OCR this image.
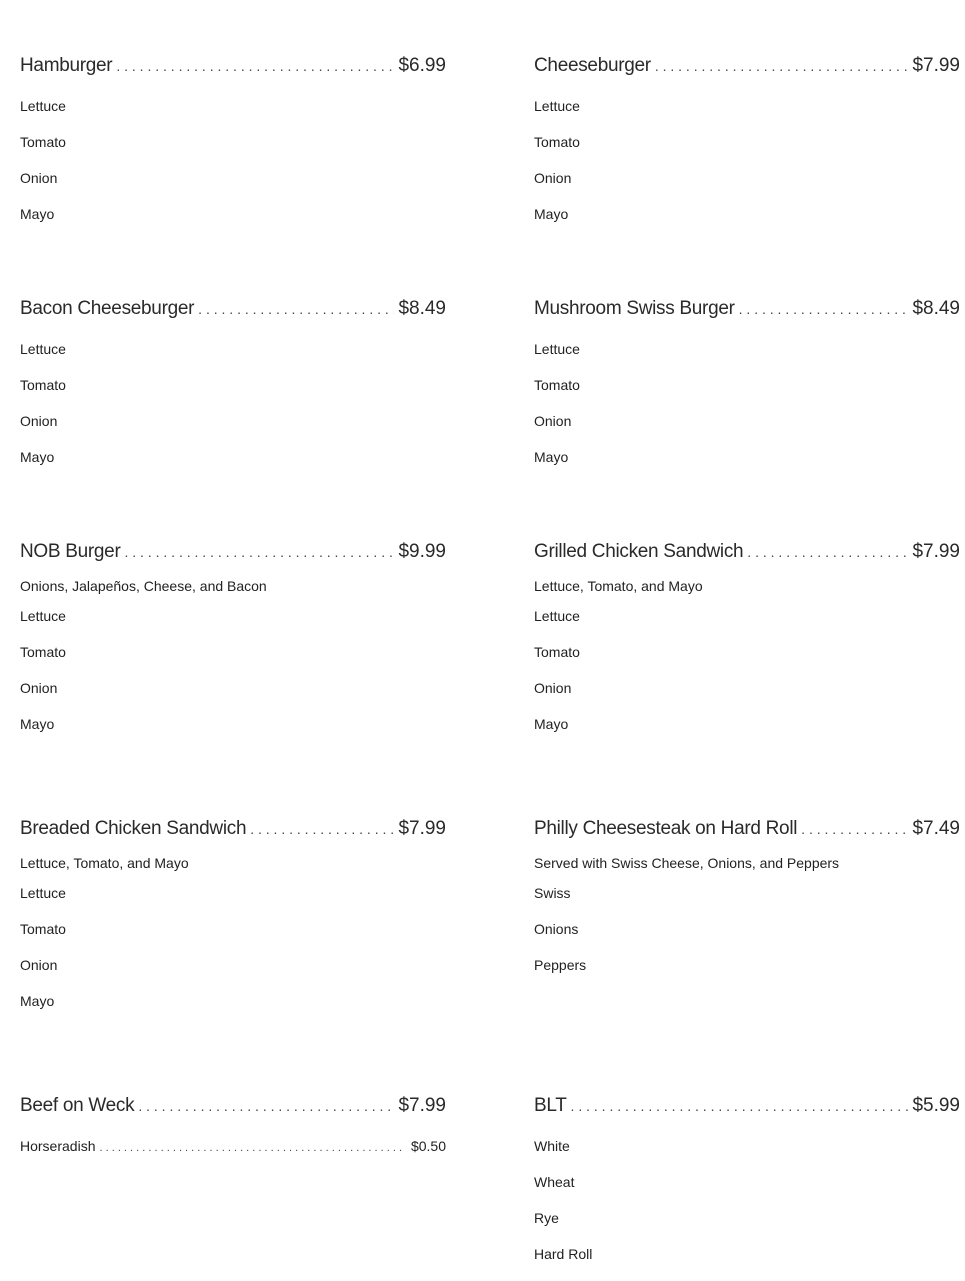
Hamburger . . .	$6.99
Lettuce
Tomato
Onion
Mayo
Cheeseburger . . .	$7.99
Lettuce
Tomato
Onion
Mayo
Bacon Cheeseburger . . .	$8.49
Lettuce
Tomato
Onion
Mayo
Mushroom Swiss Burger . . .	$8.49
Lettuce
Tomato
Onion
Mayo
NOB Burger . . .	$9.99
Onions, Jalapeños, Cheese, and Bacon
Lettuce
Tomato
Onion
Mayo
Grilled Chicken Sandwich . . .	$7.99
Lettuce, Tomato, and Mayo
Lettuce
Tomato
Onion
Mayo
Breaded Chicken Sandwich . . .	$7.99
Lettuce, Tomato, and Mayo
Lettuce
Tomato
Onion
Mayo
Philly Cheesesteak on Hard Roll . . .	$7.49
Served with Swiss Cheese, Onions, and Peppers
Swiss
Onions
Peppers
Beef on Weck . . .	$7.99
Horseradish . . .	$0.50
BLT . . .	$5.99
White
Wheat
Rye
Hard Roll
